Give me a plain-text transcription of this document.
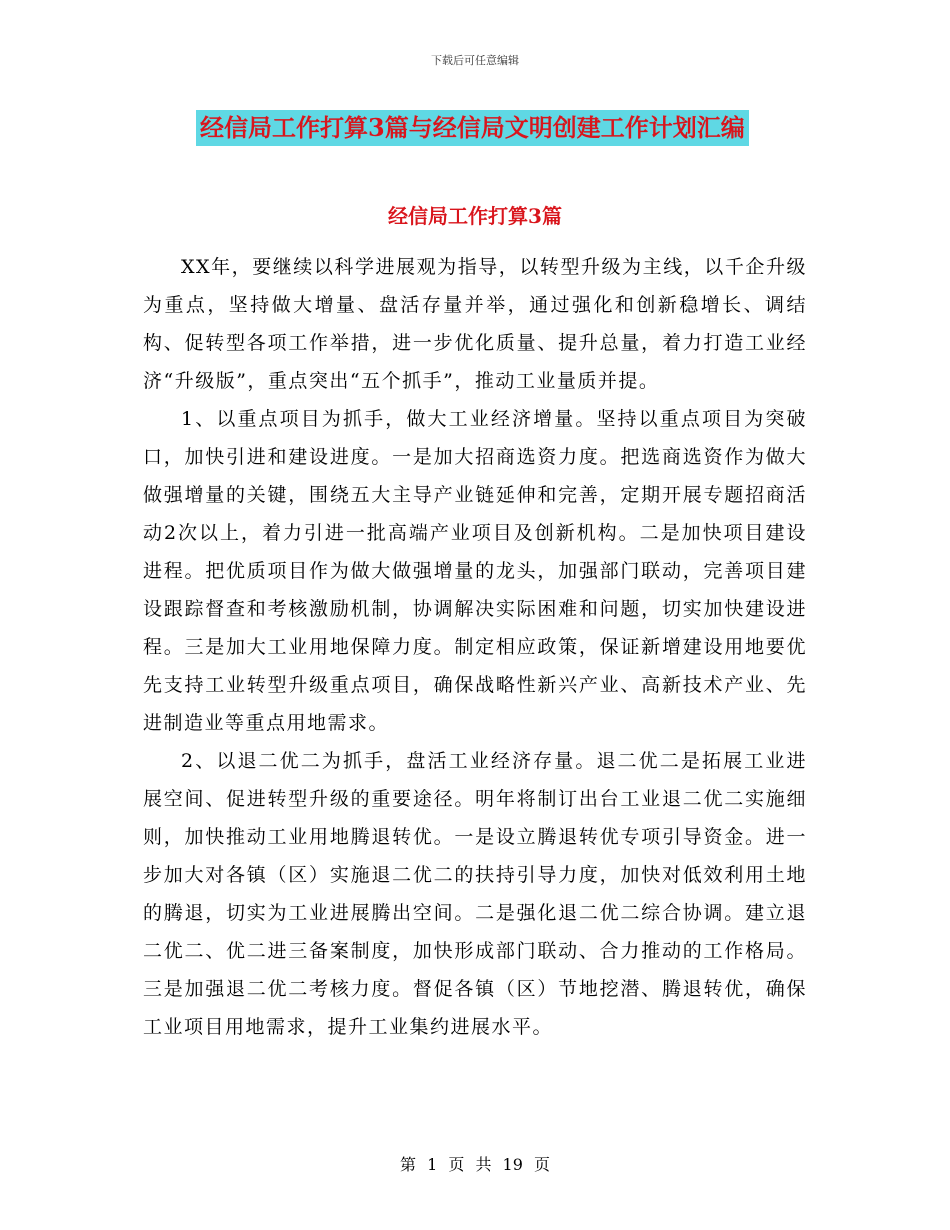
下载后可任意编辑
经信局工作打算3篇与经信局文明创建工作计划汇编
经信局工作打算3篇

XX年，要继续以科学进展观为指导，以转型升级为主线，以千企升级为重点，坚持做大增量、盘活存量并举，通过强化和创新稳增长、调结构、促转型各项工作举措，进一步优化质量、提升总量，着力打造工业经济“升级版”，重点突出“五个抓手”，推动工业量质并提。

1、以重点项目为抓手，做大工业经济增量。坚持以重点项目为突破口，加快引进和建设进度。一是加大招商选资力度。把选商选资作为做大做强增量的关键，围绕五大主导产业链延伸和完善，定期开展专题招商活动2次以上，着力引进一批高端产业项目及创新机构。二是加快项目建设进程。把优质项目作为做大做强增量的龙头，加强部门联动，完善项目建设跟踪督查和考核激励机制，协调解决实际困难和问题，切实加快建设进程。三是加大工业用地保障力度。制定相应政策，保证新增建设用地要优先支持工业转型升级重点项目，确保战略性新兴产业、高新技术产业、先进制造业等重点用地需求。

2、以退二优二为抓手，盘活工业经济存量。退二优二是拓展工业进展空间、促进转型升级的重要途径。明年将制订出台工业退二优二实施细则，加快推动工业用地腾退转优。一是设立腾退转优专项引导资金。进一步加大对各镇（区）实施退二优二的扶持引导力度，加快对低效利用土地的腾退，切实为工业进展腾出空间。二是强化退二优二综合协调。建立退二优二、优二进三备案制度，加快形成部门联动、合力推动的工作格局。三是加强退二优二考核力度。督促各镇（区）节地挖潜、腾退转优，确保工业项目用地需求，提升工业集约进展水平。

第 1 页 共 19 页
